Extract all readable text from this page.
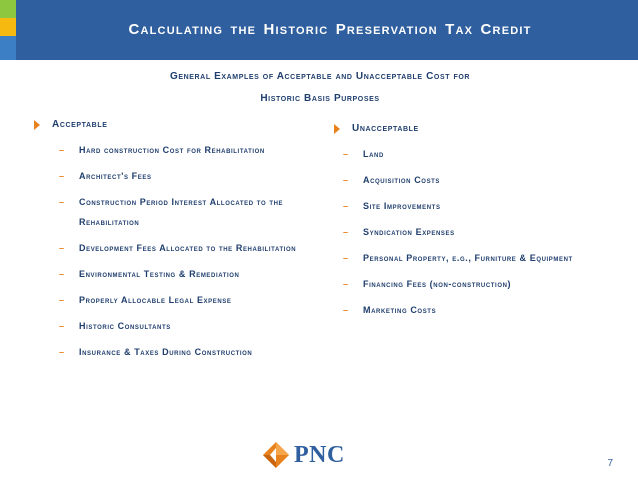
Calculating the Historic Preservation Tax Credit
General Examples of Acceptable and Unacceptable Cost for
Historic Basis Purposes
Acceptable
– Hard construction Cost for Rehabilitation
– Architect's Fees
– Construction Period Interest Allocated to the Rehabilitation
– Development Fees Allocated to the Rehabilitation
– Environmental Testing & Remediation
– Properly Allocable Legal Expense
– Historic Consultants
– Insurance & Taxes During Construction
Unacceptable
– Land
– Acquisition Costs
– Site Improvements
– Syndication Expenses
– Personal Property, e.g., Furniture & Equipment
– Financing Fees (non-construction)
– Marketing Costs
PNC	7
